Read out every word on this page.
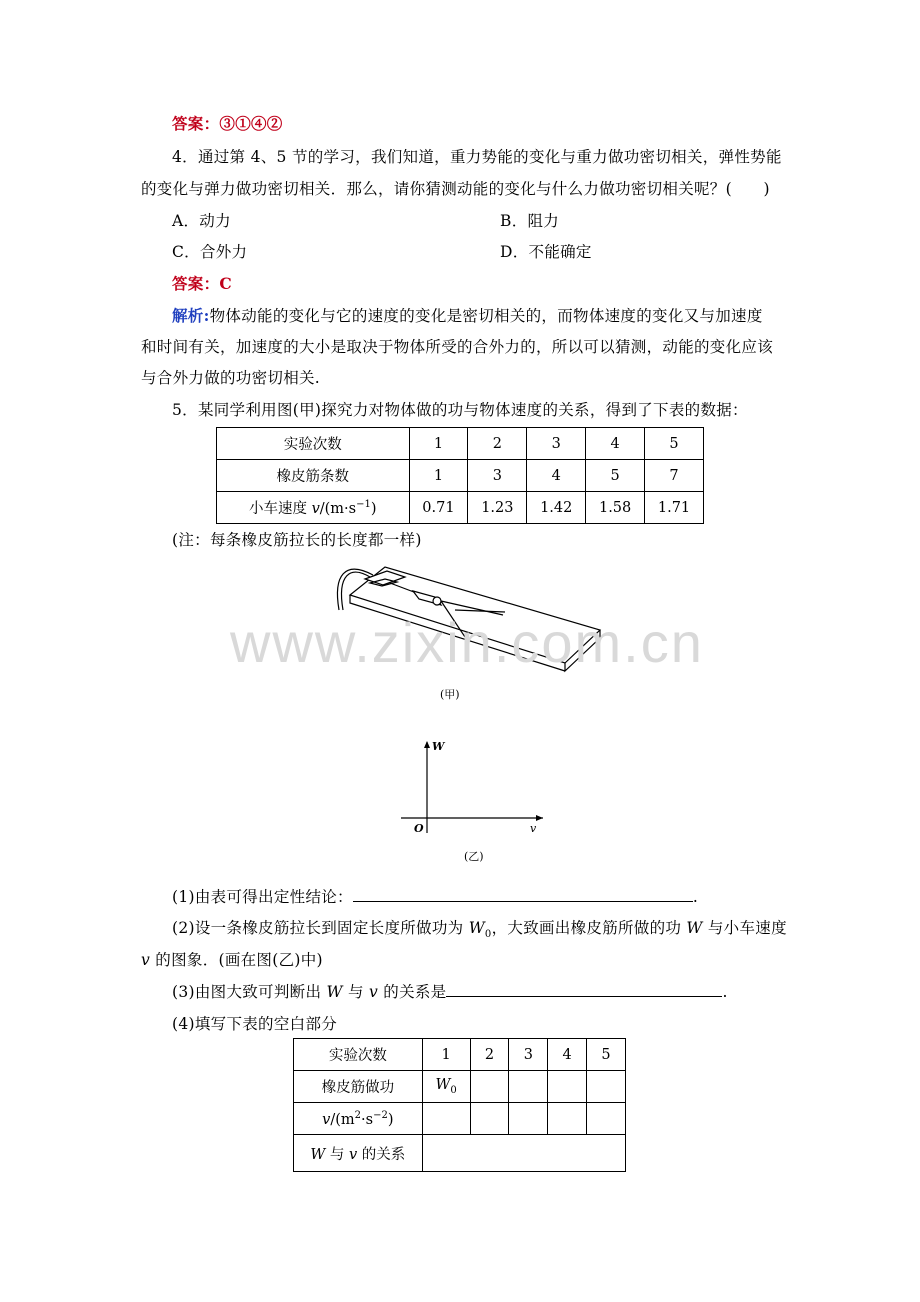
答案：③①④②
4．通过第 4、5 节的学习，我们知道，重力势能的变化与重力做功密切相关，弹性势能
的变化与弹力做功密切相关．那么，请你猜测动能的变化与什么力做功密切相关呢？(　　)
A．动力	B．阻力
C．合外力	D．不能确定
答案：C
解析:物体动能的变化与它的速度的变化是密切相关的，而物体速度的变化又与加速度
和时间有关，加速度的大小是取决于物体所受的合外力的，所以可以猜测，动能的变化应该
与合外力做的功密切相关.
5．某同学利用图(甲)探究力对物体做的功与物体速度的关系，得到了下表的数据：
实验次数	1	2	3	4	5
橡皮筋条数	1	3	4	5	7
小车速度 $v/(m\cdot s^{-1})$	0.71	1.23	1.42	1.58	1.71
(注：每条橡皮筋拉长的长度都一样)
www.zixin.com.cn
(甲)
W
O	v
(乙)
(1)由表可得出定性结论：	.
(2)设一条橡皮筋拉长到固定长度所做功为 $W_0$，大致画出橡皮筋所做的功 W 与小车速度
v 的图象．(画在图(乙)中)
(3)由图大致可判断出 W 与 v 的关系是	.
(4)填写下表的空白部分
实验次数	1	2	3	4	5
橡皮筋做功	$W_0$				
$v/(m^2\cdot s^{-2})$					
W 与 v 的关系					
